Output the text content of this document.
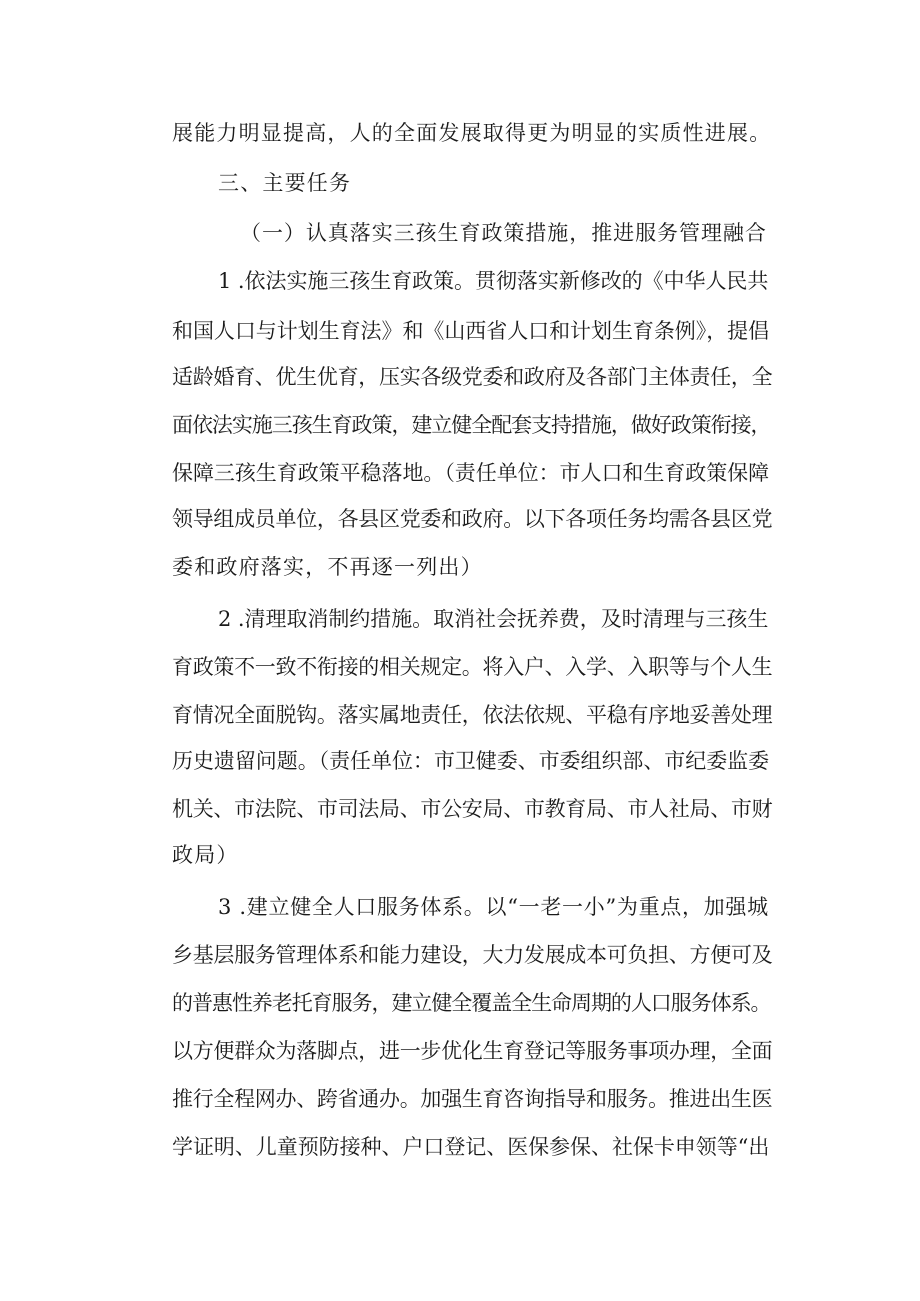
展能力明显提高，人的全面发展取得更为明显的实质性进展。
三、主要任务
（一）认真落实三孩生育政策措施，推进服务管理融合
1 .依法实施三孩生育政策。贯彻落实新修改的《中华人民共
和国人口与计划生育法》和《山西省人口和计划生育条例》，提倡
适龄婚育、优生优育，压实各级党委和政府及各部门主体责任，全
面依法实施三孩生育政策，建立健全配套支持措施，做好政策衔接，
保障三孩生育政策平稳落地。（责任单位：市人口和生育政策保障
领导组成员单位，各县区党委和政府。以下各项任务均需各县区党
委和政府落实，不再逐一列出）
2 .清理取消制约措施。取消社会抚养费，及时清理与三孩生
育政策不一致不衔接的相关规定。将入户、入学、入职等与个人生
育情况全面脱钩。落实属地责任，依法依规、平稳有序地妥善处理
历史遗留问题。（责任单位：市卫健委、市委组织部、市纪委监委
机关、市法院、市司法局、市公安局、市教育局、市人社局、市财
政局）
3 .建立健全人口服务体系。以“一老一小”为重点，加强城
乡基层服务管理体系和能力建设，大力发展成本可负担、方便可及
的普惠性养老托育服务，建立健全覆盖全生命周期的人口服务体系。
以方便群众为落脚点，进一步优化生育登记等服务事项办理，全面
推行全程网办、跨省通办。加强生育咨询指导和服务。推进出生医
学证明、儿童预防接种、户口登记、医保参保、社保卡申领等“出
